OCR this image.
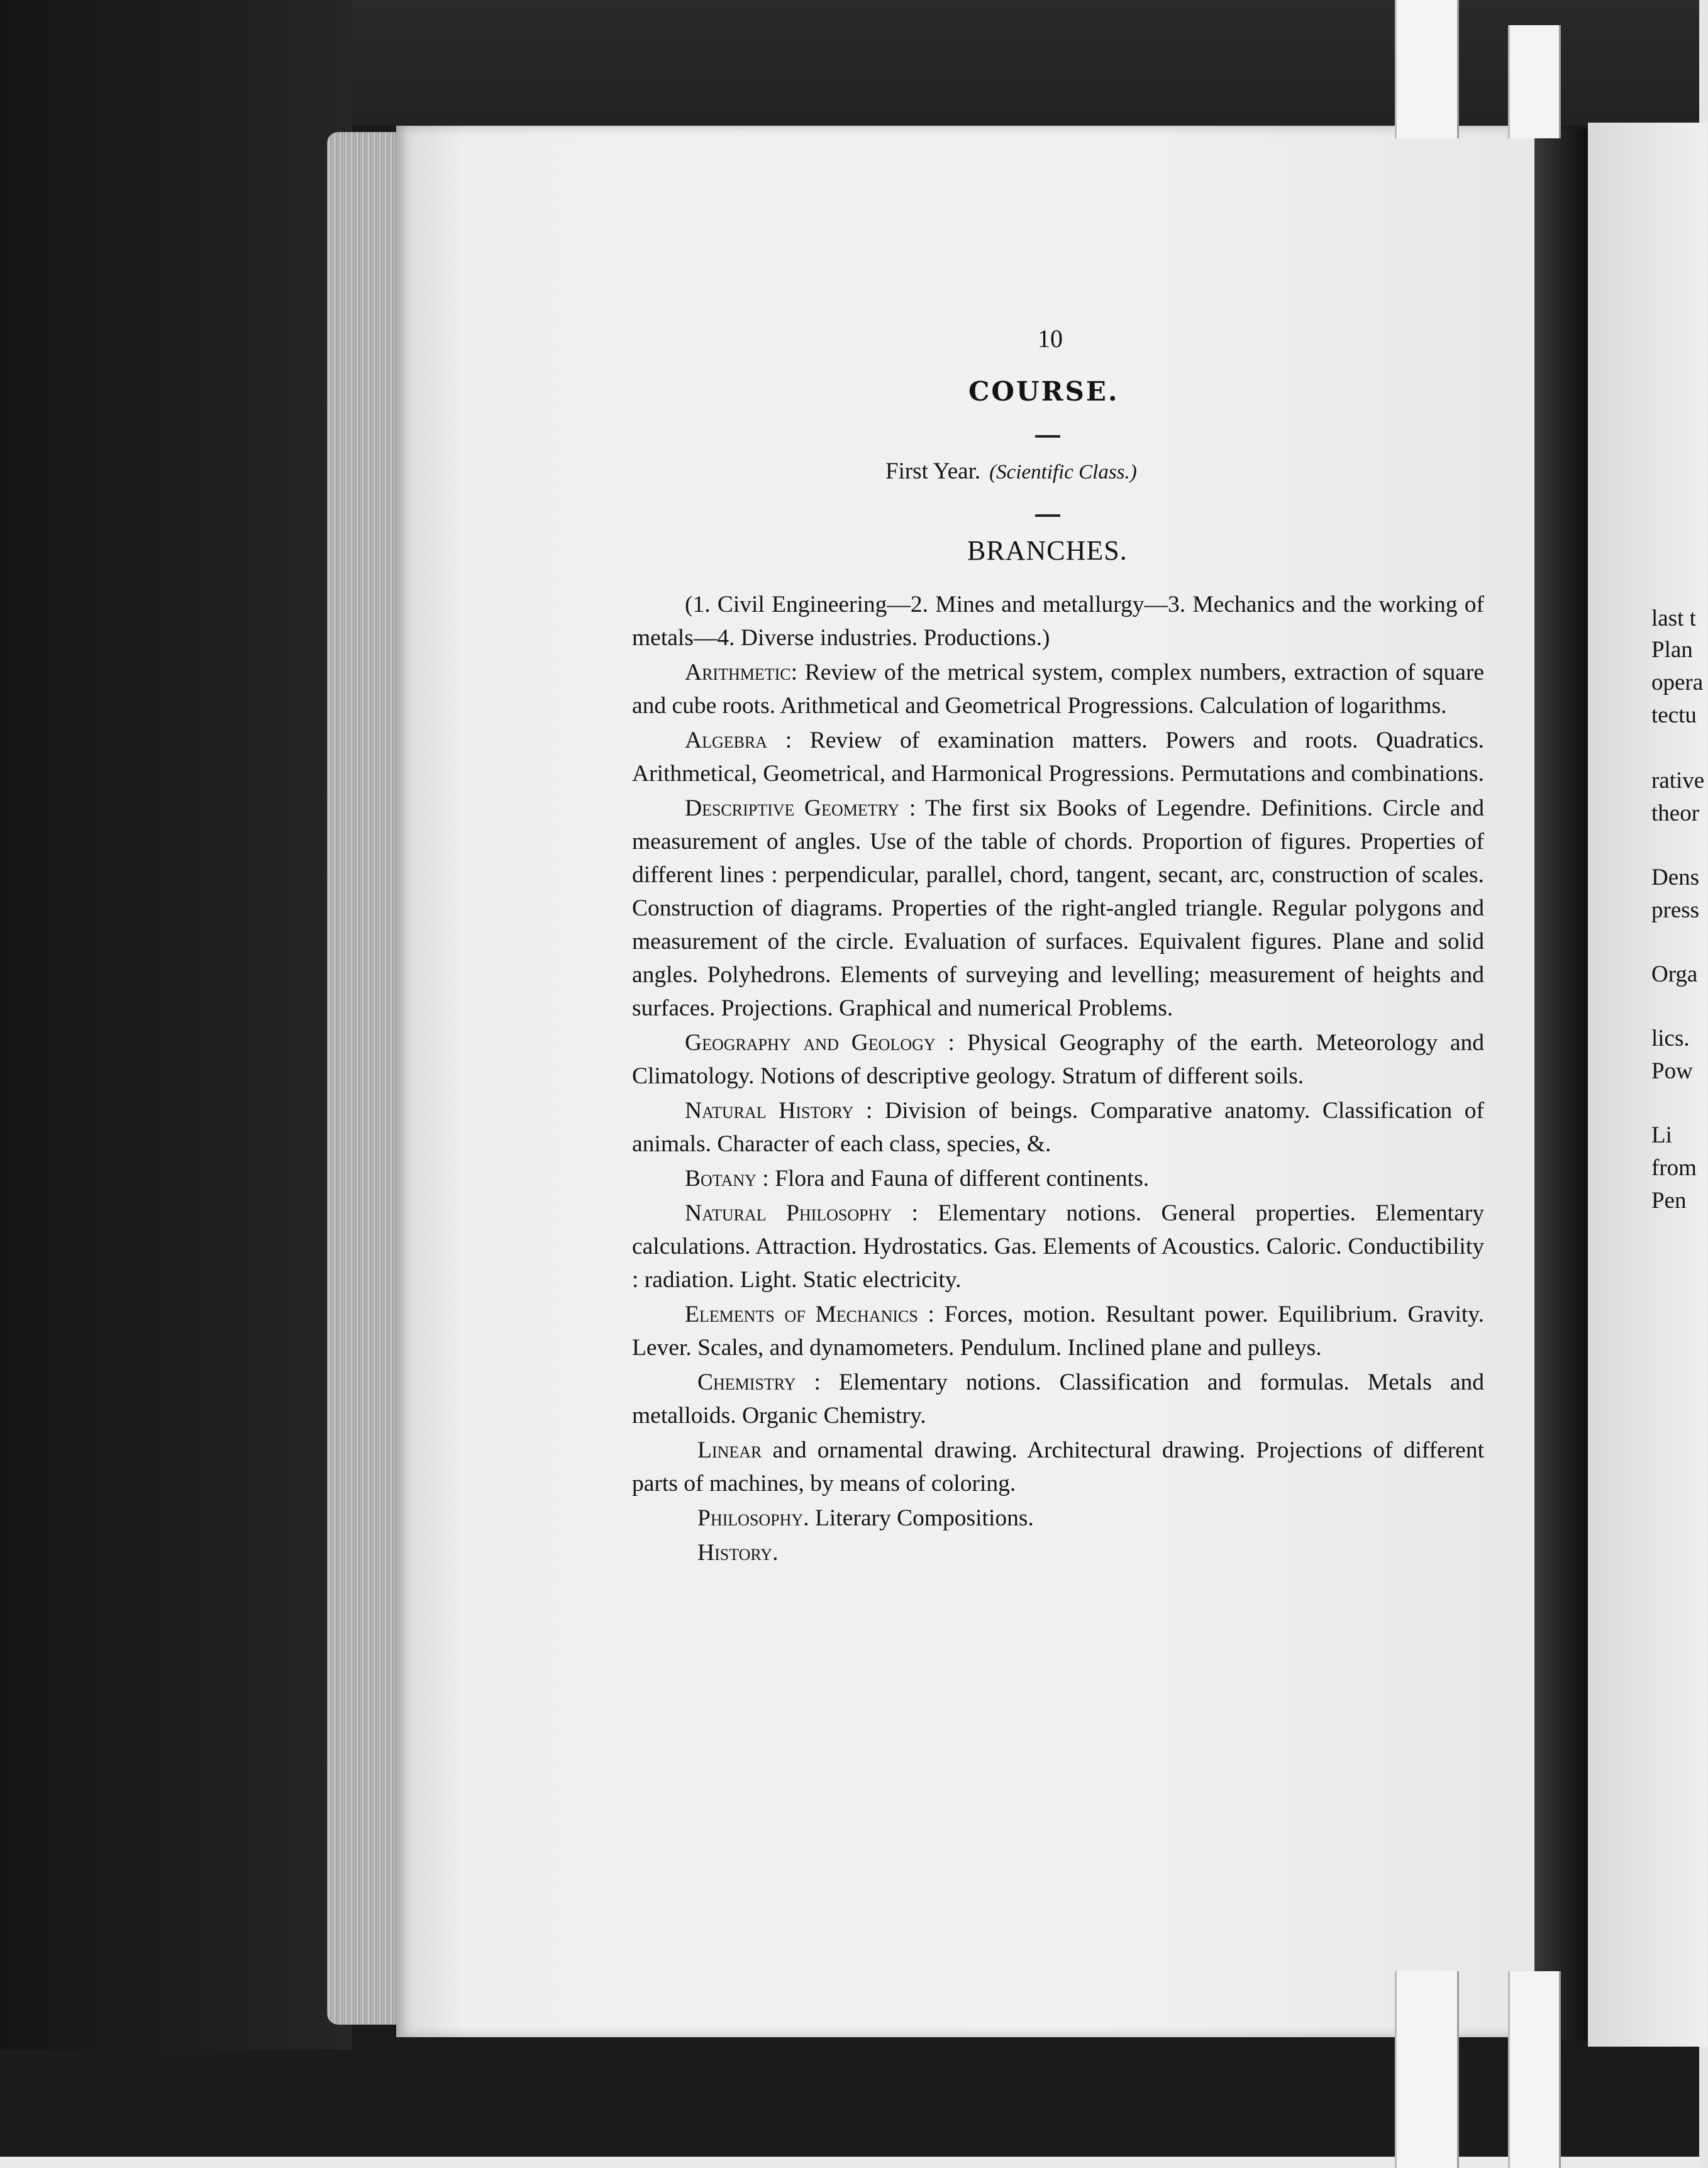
10
COURSE.
First Year. (Scientific Class.)
BRANCHES.

(1. Civil Engineering—2. Mines and metallurgy—3. Mechanics and the working of metals—4. Diverse industries. Productions.)

Arithmetic: Review of the metrical system, complex numbers, extraction of square and cube roots. Arithmetical and Geometrical Progressions. Calculation of logarithms.

Algebra : Review of examination matters. Powers and roots. Quadratics. Arithmetical, Geometrical, and Harmonical Progressions. Permutations and combinations.

Descriptive Geometry : The first six Books of Legendre. Definitions. Circle and measurement of angles. Use of the table of chords. Proportion of figures. Properties of different lines : perpendicular, parallel, chord, tangent, secant, arc, construction of scales. Construction of diagrams. Properties of the right-angled triangle. Regular polygons and measurement of the circle. Evaluation of surfaces. Equivalent figures. Plane and solid angles. Polyhedrons. Elements of surveying and levelling; measurement of heights and surfaces. Projections. Graphical and numerical Problems.

Geography and Geology : Physical Geography of the earth. Meteorology and Climatology. Notions of descriptive geology. Stratum of different soils.

Natural History : Division of beings. Comparative anatomy. Classification of animals. Character of each class, species, &.

Botany : Flora and Fauna of different continents.

Natural Philosophy : Elementary notions. General properties. Elementary calculations. Attraction. Hydrostatics. Gas. Elements of Acoustics. Caloric. Conductibility : radiation. Light. Static electricity.

Elements of Mechanics : Forces, motion. Resultant power. Equilibrium. Gravity. Lever. Scales, and dynamometers. Pendulum. Inclined plane and pulleys.

Chemistry : Elementary notions. Classification and formulas. Metals and metalloids. Organic Chemistry.

Linear and ornamental drawing. Architectural drawing. Projections of different parts of machines, by means of coloring.

Philosophy. Literary Compositions.

History.

last t
Plan
opera
tectu
rative
theor
Dens
press
Orga
lics.
Pow
Li
from
Pen
